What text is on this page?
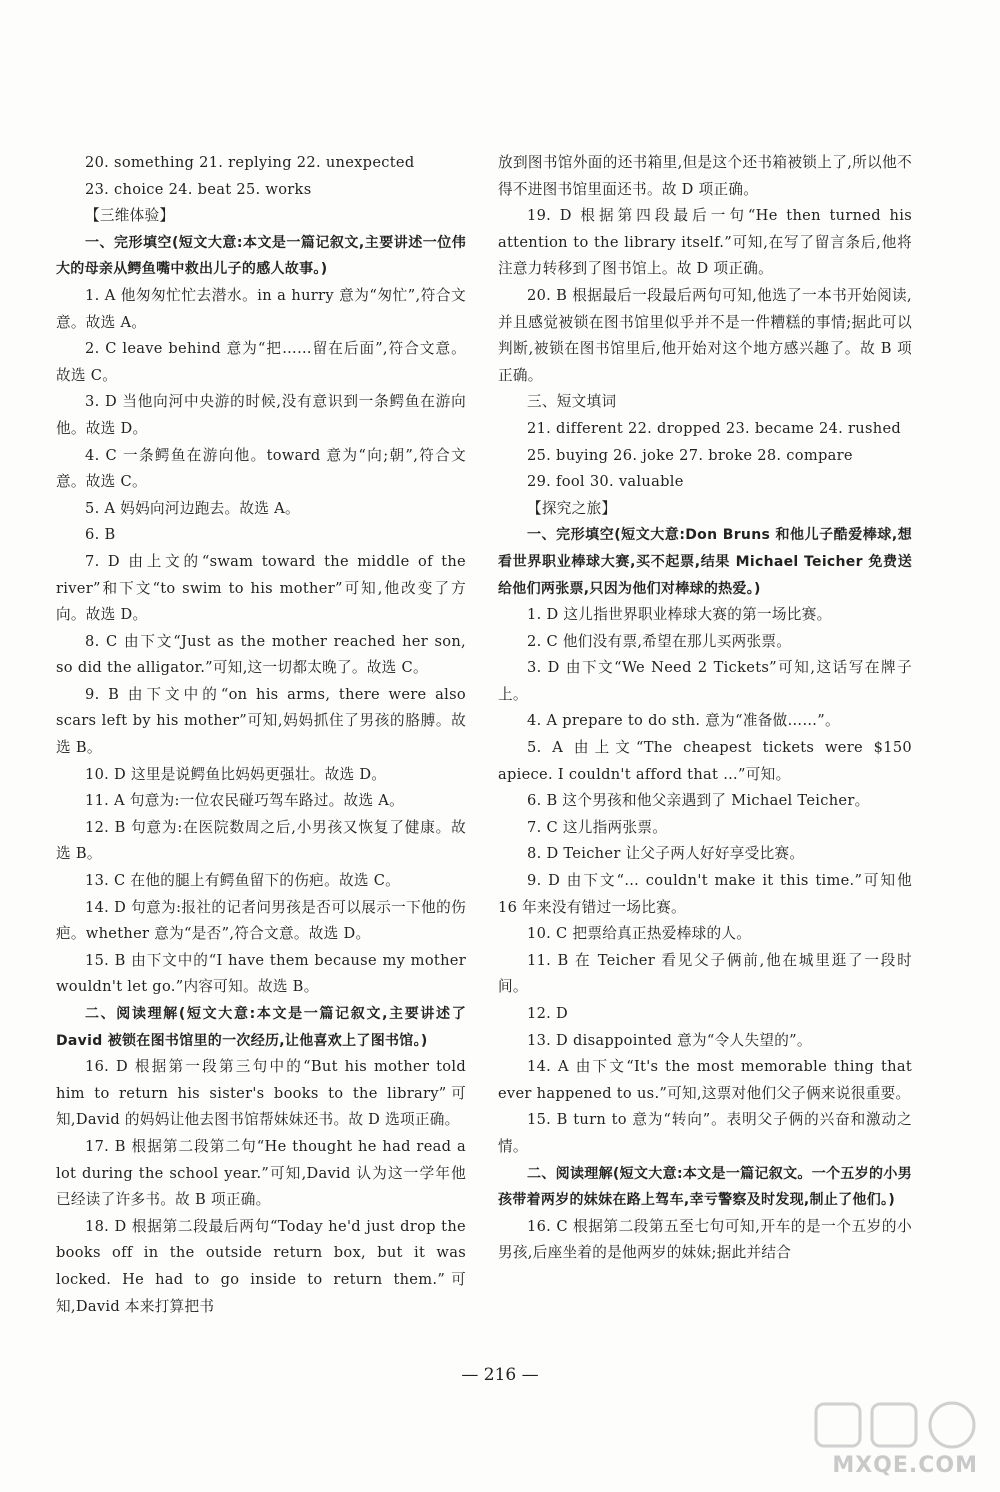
20. something 21. replying 22. unexpected

23. choice 24. beat 25. works

【三维体验】

一、完形填空(短文大意:本文是一篇记叙文,主要讲述一位伟大的母亲从鳄鱼嘴中救出儿子的感人故事。)

1. A 他匆匆忙忙去潜水。in a hurry 意为“匆忙”,符合文意。故选 A。

2. C leave behind 意为“把……留在后面”,符合文意。故选 C。

3. D 当他向河中央游的时候,没有意识到一条鳄鱼在游向他。故选 D。

4. C 一条鳄鱼在游向他。toward 意为“向;朝”,符合文意。故选 C。

5. A 妈妈向河边跑去。故选 A。

6. B

7. D 由上文的“swam toward the middle of the river”和下文“to swim to his mother”可知,他改变了方向。故选 D。

8. C 由下文“Just as the mother reached her son, so did the alligator.”可知,这一切都太晚了。故选 C。

9. B 由下文中的“on his arms, there were also scars left by his mother”可知,妈妈抓住了男孩的胳膊。故选 B。

10. D 这里是说鳄鱼比妈妈更强壮。故选 D。

11. A 句意为:一位农民碰巧驾车路过。故选 A。

12. B 句意为:在医院数周之后,小男孩又恢复了健康。故选 B。

13. C 在他的腿上有鳄鱼留下的伤疤。故选 C。

14. D 句意为:报社的记者问男孩是否可以展示一下他的伤疤。whether 意为“是否”,符合文意。故选 D。

15. B 由下文中的“I have them because my mother wouldn't let go.”内容可知。故选 B。

二、阅读理解(短文大意:本文是一篇记叙文,主要讲述了 David 被锁在图书馆里的一次经历,让他喜欢上了图书馆。)

16. D 根据第一段第三句中的“But his mother told him to return his sister's books to the library”可知,David 的妈妈让他去图书馆帮妹妹还书。故 D 选项正确。

17. B 根据第二段第二句“He thought he had read a lot during the school year.”可知,David 认为这一学年他已经读了许多书。故 B 项正确。

18. D 根据第二段最后两句“Today he'd just drop the books off in the outside return box, but it was locked. He had to go inside to return them.”可知,David 本来打算把书

放到图书馆外面的还书箱里,但是这个还书箱被锁上了,所以他不得不进图书馆里面还书。故 D 项正确。

19. D 根据第四段最后一句“He then turned his attention to the library itself.”可知,在写了留言条后,他将注意力转移到了图书馆上。故 D 项正确。

20. B 根据最后一段最后两句可知,他选了一本书开始阅读,并且感觉被锁在图书馆里似乎并不是一件糟糕的事情;据此可以判断,被锁在图书馆里后,他开始对这个地方感兴趣了。故 B 项正确。

三、短文填词

21. different 22. dropped 23. became 24. rushed

25. buying 26. joke 27. broke 28. compare

29. fool 30. valuable

【探究之旅】

一、完形填空(短文大意:Don Bruns 和他儿子酷爱棒球,想看世界职业棒球大赛,买不起票,结果 Michael Teicher 免费送给他们两张票,只因为他们对棒球的热爱。)

1. D 这儿指世界职业棒球大赛的第一场比赛。

2. C 他们没有票,希望在那儿买两张票。

3. D 由下文“We Need 2 Tickets”可知,这话写在牌子上。

4. A prepare to do sth. 意为“准备做……”。

5. A 由上文“The cheapest tickets were $150 apiece. I couldn't afford that …”可知。

6. B 这个男孩和他父亲遇到了 Michael Teicher。

7. C 这儿指两张票。

8. D Teicher 让父子两人好好享受比赛。

9. D 由下文“… couldn't make it this time.”可知他 16 年来没有错过一场比赛。

10. C 把票给真正热爱棒球的人。

11. B 在 Teicher 看见父子俩前,他在城里逛了一段时间。

12. D

13. D disappointed 意为“令人失望的”。

14. A 由下文“It's the most memorable thing that ever happened to us.”可知,这票对他们父子俩来说很重要。

15. B turn to 意为“转向”。表明父子俩的兴奋和激动之情。

二、阅读理解(短文大意:本文是一篇记叙文。一个五岁的小男孩带着两岁的妹妹在路上驾车,幸亏警察及时发现,制止了他们。)

16. C 根据第二段第五至七句可知,开车的是一个五岁的小男孩,后座坐着的是他两岁的妹妹;据此并结合

— 216 —
MXQE.COM
